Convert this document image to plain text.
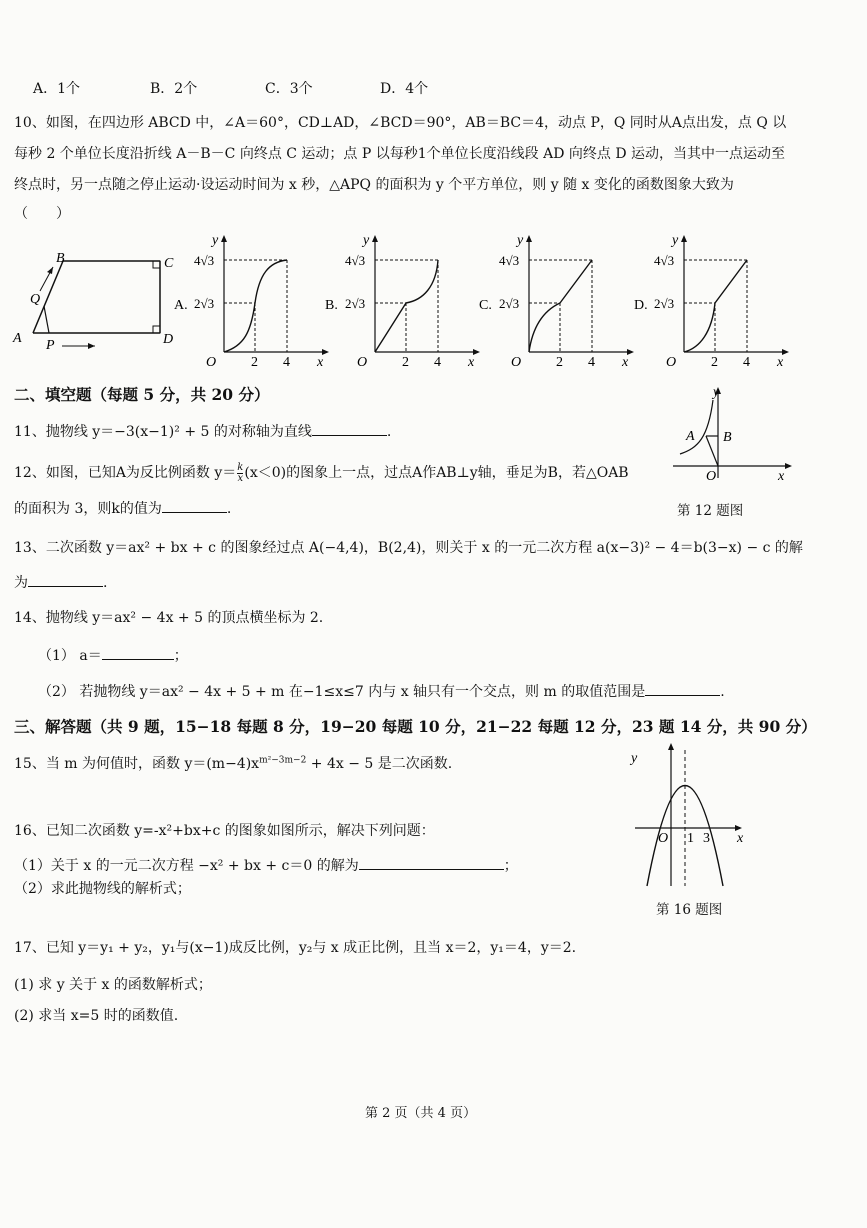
A．1个	B．2个	C．3个	D．4个
10、如图，在四边形 ABCD 中，∠A＝60°，CD⊥AD，∠BCD＝90°，AB＝BC＝4，动点 P，Q 同时从A点出发，点 Q 以
每秒 2 个单位长度沿折线 A－B－C 向终点 C 运动；点 P 以每秒1个单位长度沿线段 AD 向终点 D 运动，当其中一点运动至
终点时，另一点随之停止运动·设运动时间为 x 秒，△APQ 的面积为 y 个平方单位，则 y 随 x 变化的函数图象大致为
（　　）
B	C
Q
A P	D
A.
y
4√3
2√3
O 2 4 x
B.
y
4√3
2√3
O 2 4 x
C.
y
4√3
2√3
O 2 4 x
D.
y
4√3
2√3
O 2 4 x
二、填空题（每题 5 分，共 20 分）
11、抛物线 y＝−3(x−1)² + 5 的对称轴为直线	.
12、如图，已知A为反比例函数 $y= \frac{k}{x} (x<0)$的图象上一点，过点A作AB⊥y轴，垂足为B，若△OAB
的面积为 3，则k的值为	.
y
A B
O	x
第 12 题图
13、二次函数 y＝ax² + bx + c 的图象经过点 A(−4,4)，B(2,4)，则关于 x 的一元二次方程 a(x−3)² − 4＝b(3−x) − c 的解
为	.
14、抛物线 y＝ax² − 4x + 5 的顶点横坐标为 2.
（1） a＝	；
（2） 若抛物线 y＝ax² − 4x + 5 + m 在−1≤x≤7 内与 x 轴只有一个交点，则 m 的取值范围是	.
三、解答题（共 9 题，15−18 每题 8 分，19−20 每题 10 分，21−22 每题 12 分，23 题 14 分，共 90 分）
15、当 m 为何值时，函数 $y=(m-4)x^{m^2-3m-2} + 4x - 5$ 是二次函数.	y
O 1 3 x
第 16 题图
16、已知二次函数 y=-x²+bx+c 的图象如图所示，解决下列问题：
（1）关于 x 的一元二次方程 −x² + bx + c＝0 的解为	；
（2）求此抛物线的解析式；
17、已知 y＝y₁ + y₂，y₁与(x−1)成反比例，y₂与 x 成正比例，且当 x＝2，y₁＝4，y＝2.
(1) 求 y 关于 x 的函数解析式；
(2) 求当 x=5 时的函数值.
第 2 页（共 4 页）
